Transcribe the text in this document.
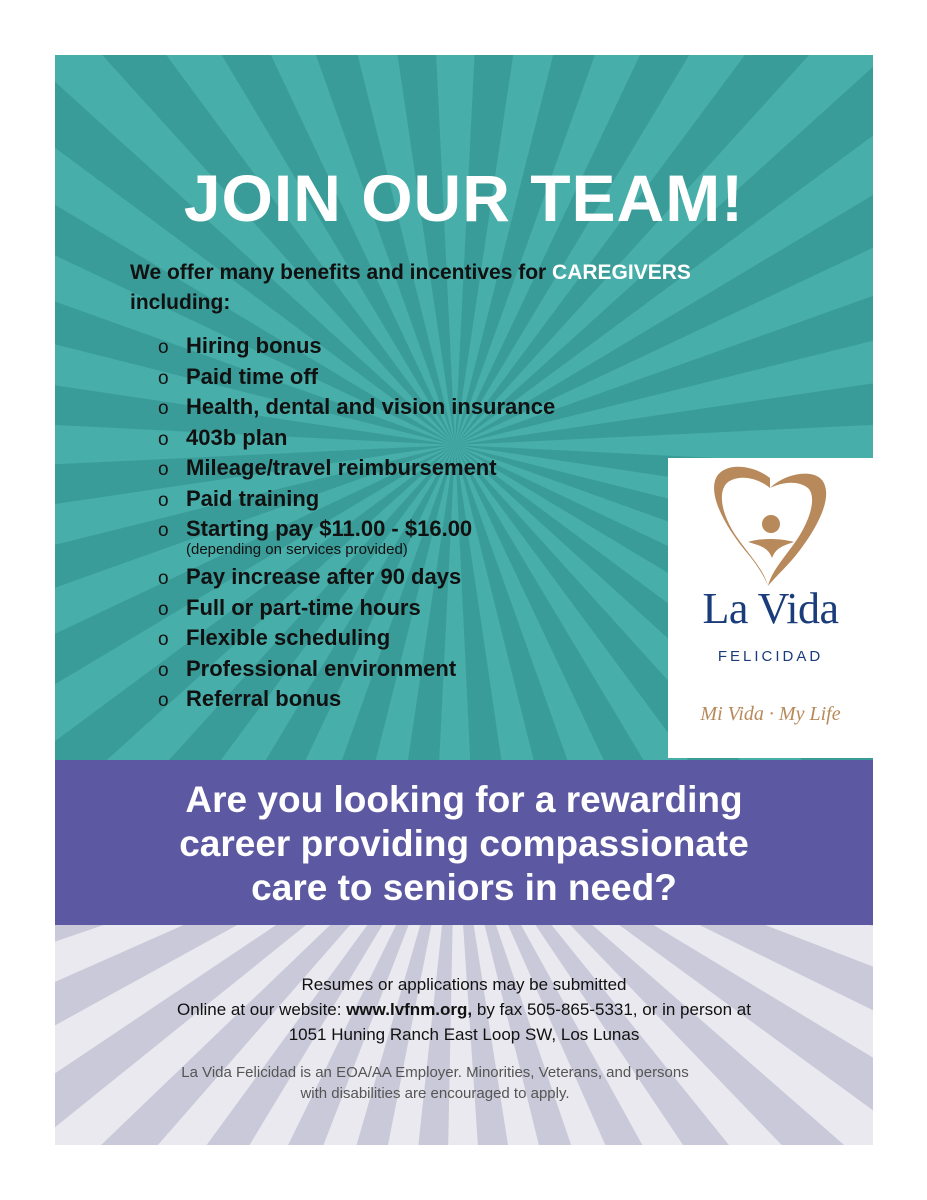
JOIN OUR TEAM!

We offer many benefits and incentives for CAREGIVERS
including:

o Hiring bonus
o Paid time off
o Health, dental and vision insurance
o 403b plan
o Mileage/travel reimbursement
o Paid training
o Starting pay $11.00 - $16.00
(depending on services provided)
o Pay increase after 90 days
o Full or part-time hours
o Flexible scheduling
o Professional environment
o Referral bonus
La Vida
FELICIDAD
Mi Vida · My Life

Are you looking for a rewarding
career providing compassionate
care to seniors in need?

Resumes or applications may be submitted
Online at our website: www.lvfnm.org, by fax 505-865-5331, or in person at
1051 Huning Ranch East Loop SW, Los Lunas

La Vida Felicidad is an EOA/AA Employer. Minorities, Veterans, and persons
with disabilities are encouraged to apply.
